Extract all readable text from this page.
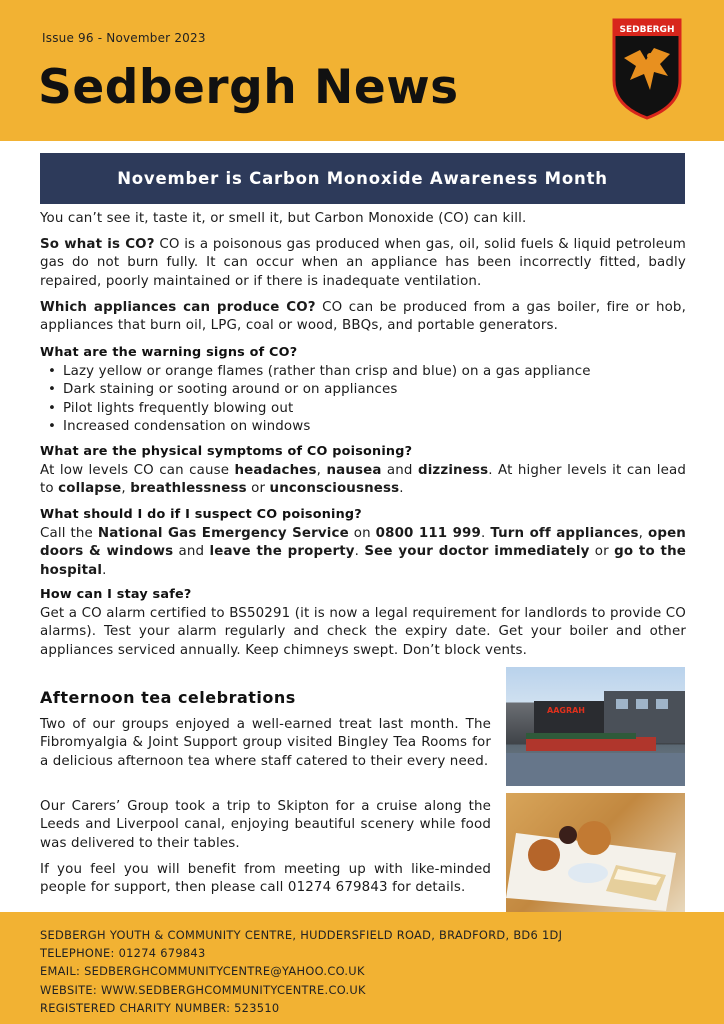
Issue 96 - November 2023
Sedbergh News
SEDBERGH
November is Carbon Monoxide Awareness Month
You can’t see it, taste it, or smell it, but Carbon Monoxide (CO) can kill.
So what is CO? CO is a poisonous gas produced when gas, oil, solid fuels & liquid petroleum gas do not burn fully. It can occur when an appliance has been incorrectly fitted, badly repaired, poorly maintained or if there is inadequate ventilation.
Which appliances can produce CO? CO can be produced from a gas boiler, fire or hob, appliances that burn oil, LPG, coal or wood, BBQs, and portable generators.
What are the warning signs of CO?
• Lazy yellow or orange flames (rather than crisp and blue) on a gas appliance
• Dark staining or sooting around or on appliances
• Pilot lights frequently blowing out
• Increased condensation on windows
What are the physical symptoms of CO poisoning?
At low levels CO can cause headaches, nausea and dizziness. At higher levels it can lead to collapse, breathlessness or unconsciousness.
What should I do if I suspect CO poisoning?
Call the National Gas Emergency Service on 0800 111 999. Turn off appliances, open doors & windows and leave the property. See your doctor immediately or go to the hospital.
How can I stay safe?
Get a CO alarm certified to BS50291 (it is now a legal requirement for landlords to provide CO alarms). Test your alarm regularly and check the expiry date. Get your boiler and other appliances serviced annually. Keep chimneys swept. Don’t block vents.
Afternoon tea celebrations
Two of our groups enjoyed a well-earned treat last month. The Fibromyalgia & Joint Support group visited Bingley Tea Rooms for a delicious afternoon tea where staff catered to their every need.
Our Carers’ Group took a trip to Skipton for a cruise along the Leeds and Liverpool canal, enjoying beautiful scenery while food was delivered to their tables.
If you feel you will benefit from meeting up with like-minded people for support, then please call 01274 679843 for details.
AAGRAH
SEDBERGH YOUTH & COMMUNITY CENTRE, HUDDERSFIELD ROAD, BRADFORD, BD6 1DJ
TELEPHONE: 01274 679843
EMAIL: SEDBERGHCOMMUNITYCENTRE@YAHOO.CO.UK
WEBSITE: WWW.SEDBERGHCOMMUNITYCENTRE.CO.UK
REGISTERED CHARITY NUMBER: 523510
